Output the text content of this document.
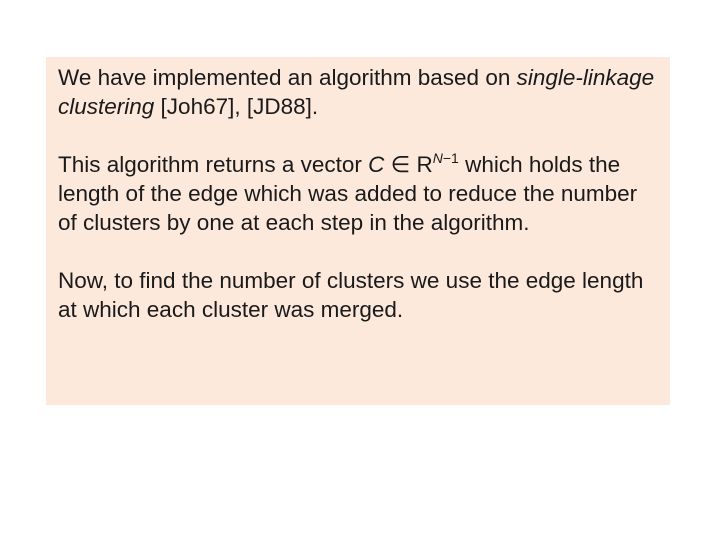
We have implemented an algorithm based on single-linkage clustering [Joh67], [JD88].

This algorithm returns a vector C ∈ $R^{N-1}$ which holds the length of the edge which was added to reduce the number of clusters by one at each step in the algorithm.

Now, to find the number of clusters we use the edge length at which each cluster was merged.
